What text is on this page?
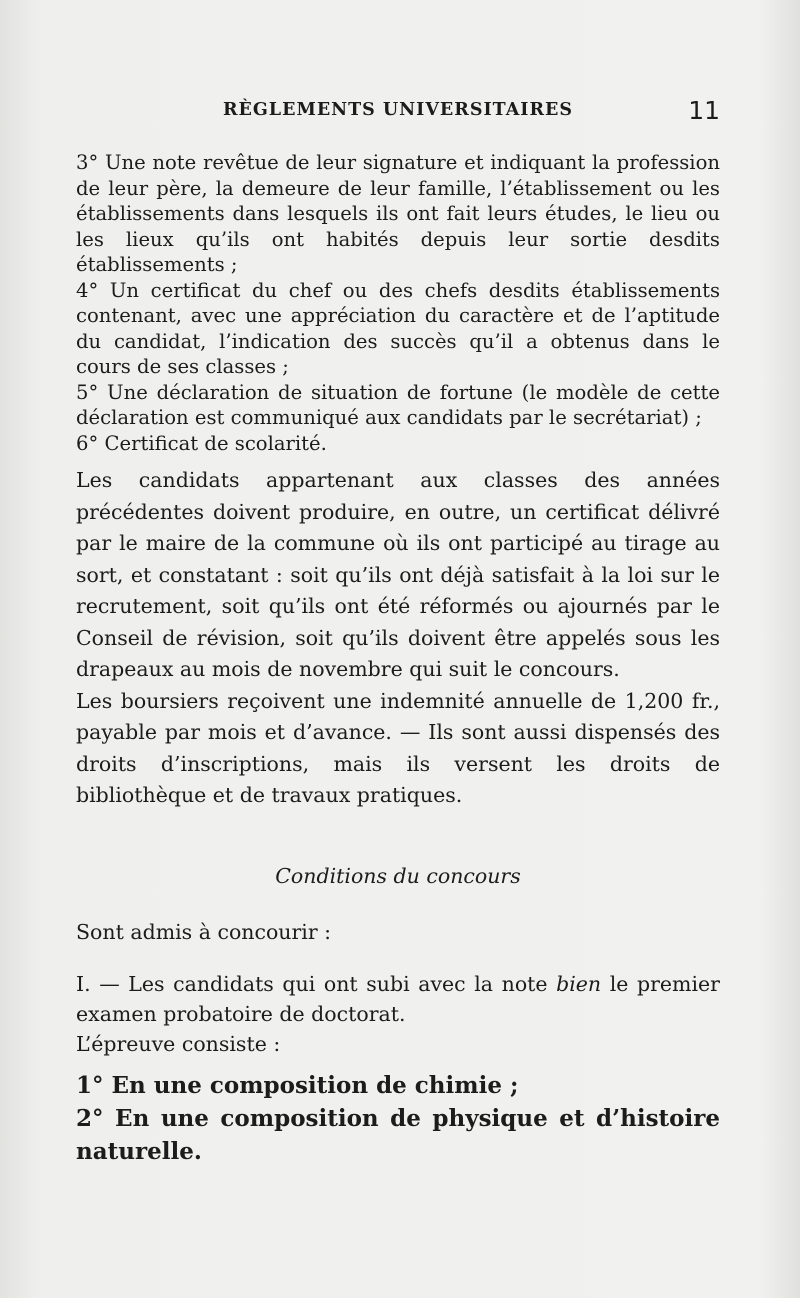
RÈGLEMENTS UNIVERSITAIRES	11

3° Une note revêtue de leur signature et indiquant la profession de leur père, la demeure de leur famille, l’établissement ou les établissements dans lesquels ils ont fait leurs études, le lieu ou les lieux qu’ils ont habités depuis leur sortie desdits établissements ;

4° Un certificat du chef ou des chefs desdits établissements contenant, avec une appréciation du caractère et de l’aptitude du candidat, l’indication des succès qu’il a obtenus dans le cours de ses classes ;

5° Une déclaration de situation de fortune (le modèle de cette déclaration est communiqué aux candidats par le secrétariat) ;

6° Certificat de scolarité.

Les candidats appartenant aux classes des années précédentes doivent produire, en outre, un certificat délivré par le maire de la commune où ils ont participé au tirage au sort, et constatant : soit qu’ils ont déjà satisfait à la loi sur le recrutement, soit qu’ils ont été réformés ou ajournés par le Conseil de révision, soit qu’ils doivent être appelés sous les drapeaux au mois de novembre qui suit le concours.

Les boursiers reçoivent une indemnité annuelle de 1,200 fr., payable par mois et d’avance. — Ils sont aussi dispensés des droits d’inscriptions, mais ils versent les droits de bibliothèque et de travaux pratiques.

Conditions du concours

Sont admis à concourir :

I. — Les candidats qui ont subi avec la note bien le premier examen probatoire de doctorat.

L’épreuve consiste :

1° En une composition de chimie ;

2° En une composition de physique et d’histoire naturelle.
